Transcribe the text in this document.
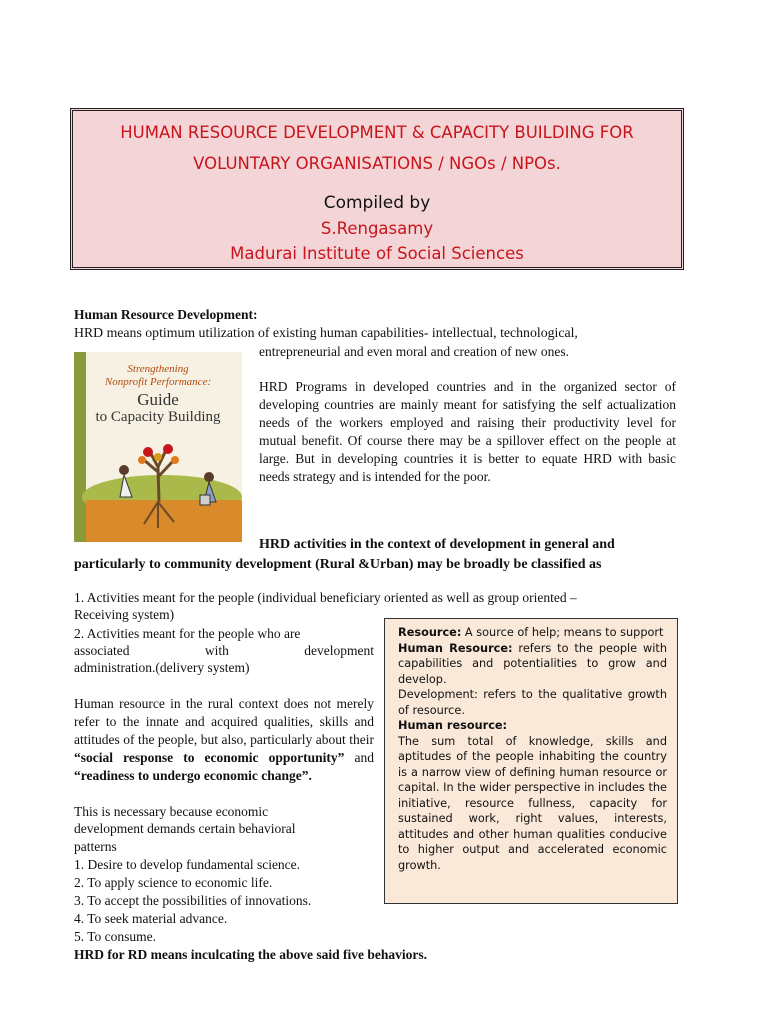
HUMAN RESOURCE DEVELOPMENT & CAPACITY BUILDING FOR
VOLUNTARY ORGANISATIONS / NGOs / NPOs.
Compiled by
S.Rengasamy
Madurai Institute of Social Sciences
Human Resource Development:
HRD means optimum utilization of existing human capabilities- intellectual, technological,
entrepreneurial and even moral and creation of new ones.
Strengthening
Nonprofit Performance:
Guide
to Capacity Building
HRD Programs in developed countries and in the organized sector of developing countries are mainly meant for satisfying the self actualization needs of the workers employed and raising their productivity level for mutual benefit. Of course there may be a spillover effect on the people at large. But in developing countries it is better to equate HRD with basic needs strategy and is intended for the poor.
HRD activities in the context of development in general and
particularly to community development (Rural &Urban) may be broadly be classified as
1. Activities meant for the people (individual beneficiary oriented as well as group oriented –
Receiving system)
2. Activities meant for the people who are
associated	with	development
administration.(delivery system)
Human resource in the rural context does not merely refer to the innate and acquired qualities, skills and attitudes of the people, but also, particularly about their “social response to economic opportunity” and “readiness to undergo economic change”.
This is necessary because economic
development demands certain behavioral
patterns
1. Desire to develop fundamental science.
2. To apply science to economic life.
3. To accept the possibilities of innovations.
4. To seek material advance.
5. To consume.
HRD for RD means inculcating the above said five behaviors.

Resource: A source of help; means to support

Human Resource: refers to the people with capabilities and potentialities to grow and develop.

Development: refers to the qualitative growth of resource.

Human resource:

The sum total of knowledge, skills and aptitudes of the people inhabiting the country is a narrow view of defining human resource or capital. In the wider perspective in includes the initiative, resource fullness, capacity for sustained work, right values, interests, attitudes and other human qualities conducive to higher output and accelerated economic growth.
